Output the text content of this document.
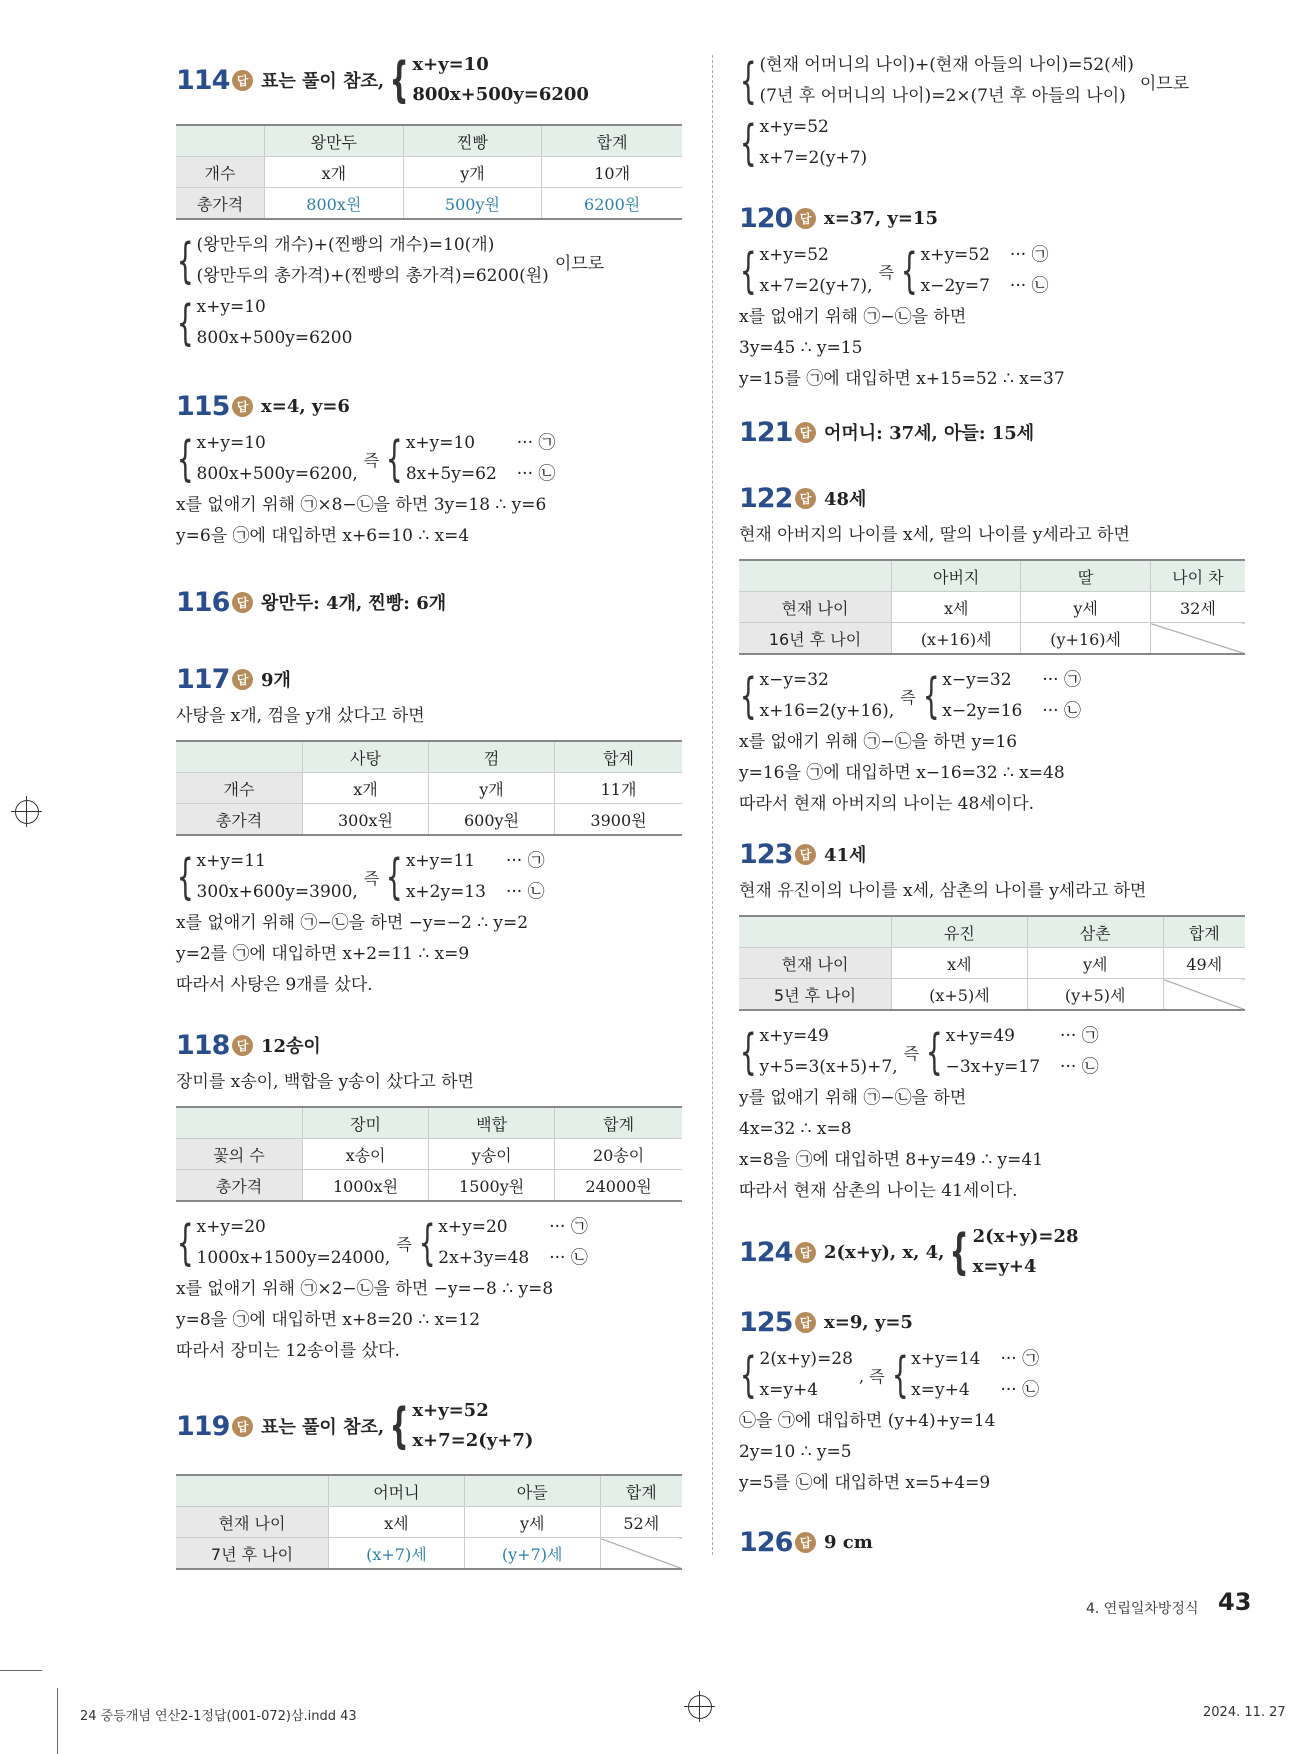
114 답 표는 풀이 참조, { x+y=10
800x+500y=6200
	왕만두	찐빵	합계
개수	x개	y개	10개
총가격	800x원	500y원	6200원
{ (왕만두의 개수)+(찐빵의 개수)=10(개)
(왕만두의 총가격)+(찐빵의 총가격)=6200(원)
이므로
{ x+y=10
800x+500y=6200
115 답 x=4, y=6
{ x+y=10
800x+500y=6200,
즉 { x+y=10
8x+5y=62
··· ㉠
··· ㉡
x를 없애기 위해 ㉠×8−㉡을 하면 3y=18 ∴ y=6
y=6을 ㉠에 대입하면 x+6=10 ∴ x=4
116 답 왕만두: 4개, 찐빵: 6개
117 답 9개
사탕을 x개, 껌을 y개 샀다고 하면
	사탕	껌	합계
개수	x개	y개	11개
총가격	300x원	600y원	3900원
{ x+y=11
300x+600y=3900,
즉 { x+y=11
x+2y=13
··· ㉠
··· ㉡
x를 없애기 위해 ㉠−㉡을 하면 −y=−2 ∴ y=2
y=2를 ㉠에 대입하면 x+2=11 ∴ x=9
따라서 사탕은 9개를 샀다.
118 답 12송이
장미를 x송이, 백합을 y송이 샀다고 하면
	장미	백합	합계
꽃의 수	x송이	y송이	20송이
총가격	1000x원	1500y원	24000원
{ x+y=20
1000x+1500y=24000,
즉 { x+y=20
2x+3y=48
··· ㉠
··· ㉡
x를 없애기 위해 ㉠×2−㉡을 하면 −y=−8 ∴ y=8
y=8을 ㉠에 대입하면 x+8=20 ∴ x=12
따라서 장미는 12송이를 샀다.
119 답 표는 풀이 참조, { x+y=52
x+7=2(y+7)
	어머니	아들	합계
현재 나이	x세	y세	52세
7년 후 나이	(x+7)세	(y+7)세	
{ (현재 어머니의 나이)+(현재 아들의 나이)=52(세)
(7년 후 어머니의 나이)=2×(7년 후 아들의 나이)
이므로
{ x+y=52
x+7=2(y+7)
120 답 x=37, y=15
{ x+y=52
x+7=2(y+7),
즉 { x+y=52
x−2y=7
··· ㉠
··· ㉡
x를 없애기 위해 ㉠−㉡을 하면
3y=45 ∴ y=15
y=15를 ㉠에 대입하면 x+15=52 ∴ x=37
121 답 어머니: 37세, 아들: 15세
122 답 48세
현재 아버지의 나이를 x세, 딸의 나이를 y세라고 하면
	아버지	딸	나이 차
현재 나이	x세	y세	32세
16년 후 나이	(x+16)세	(y+16)세	
{ x−y=32
x+16=2(y+16),
즉 { x−y=32
x−2y=16
··· ㉠
··· ㉡
x를 없애기 위해 ㉠−㉡을 하면 y=16
y=16을 ㉠에 대입하면 x−16=32 ∴ x=48
따라서 현재 아버지의 나이는 48세이다.
123 답 41세
현재 유진이의 나이를 x세, 삼촌의 나이를 y세라고 하면
	유진	삼촌	합계
현재 나이	x세	y세	49세
5년 후 나이	(x+5)세	(y+5)세	
{ x+y=49
y+5=3(x+5)+7,
즉 { x+y=49
−3x+y=17
··· ㉠
··· ㉡
y를 없애기 위해 ㉠−㉡을 하면
4x=32 ∴ x=8
x=8을 ㉠에 대입하면 8+y=49 ∴ y=41
따라서 현재 삼촌의 나이는 41세이다.
124 답 2(x+y), x, 4, { 2(x+y)=28
x=y+4
125 답 x=9, y=5
{ 2(x+y)=28
x=y+4
, 즉 { x+y=14
x=y+4
··· ㉠
··· ㉡
㉡을 ㉠에 대입하면 (y+4)+y=14
2y=10 ∴ y=5
y=5를 ㉡에 대입하면 x=5+4=9
126 답 9 cm
4. 연립일차방정식 43
24 중등개념 연산2-1정답(001-072)삼.indd 43	2024. 11. 27
